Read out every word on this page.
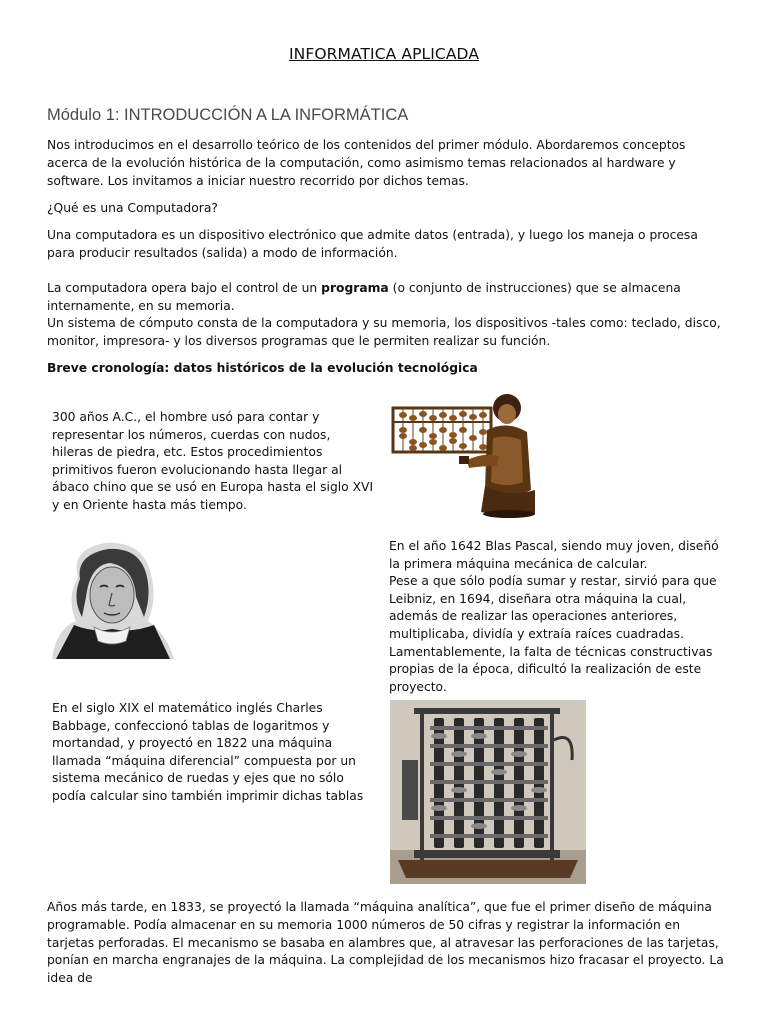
INFORMATICA APLICADA
Módulo 1: INTRODUCCIÓN A LA INFORMÁTICA
Nos introducimos en el desarrollo teórico de los contenidos del primer módulo. Abordaremos conceptos acerca de la evolución histórica de la computación, como asimismo temas relacionados al hardware y software. Los invitamos a iniciar nuestro recorrido por dichos temas.
¿Qué es una Computadora?
Una computadora es un dispositivo electrónico que admite datos (entrada), y luego los maneja o procesa para producir resultados (salida) a modo de información.
La computadora opera bajo el control de un programa (o conjunto de instrucciones) que se almacena internamente, en su memoria.
Un sistema de cómputo consta de la computadora y su memoria, los dispositivos -tales como: teclado, disco, monitor, impresora- y los diversos programas que le permiten realizar su función.
Breve cronología: datos históricos de la evolución tecnológica
300 años A.C., el hombre usó para contar y representar los números, cuerdas con nudos, hileras de piedra, etc. Estos procedimientos primitivos fueron evolucionando hasta llegar al ábaco chino que se usó en Europa hasta el siglo XVI y en Oriente hasta más tiempo.
En el año 1642 Blas Pascal, siendo muy joven, diseñó la primera máquina mecánica de calcular.
Pese a que sólo podía sumar y restar, sirvió para que Leibniz, en 1694, diseñara otra máquina la cual, además de realizar las operaciones anteriores, multiplicaba, dividía y extraía raíces cuadradas. Lamentablemente, la falta de técnicas constructivas propias de la época, dificultó la realización de este proyecto.
En el siglo XIX el matemático inglés Charles Babbage, confeccionó tablas de logaritmos y mortandad, y proyectó en 1822 una máquina llamada “máquina diferencial” compuesta por un sistema mecánico de ruedas y ejes que no sólo podía calcular sino también imprimir dichas tablas
Años más tarde, en 1833, se proyectó la llamada “máquina analítica”, que fue el primer diseño de máquina programable. Podía almacenar en su memoria 1000 números de 50 cifras y registrar la información en tarjetas perforadas. El mecanismo se basaba en alambres que, al atravesar las perforaciones de las tarjetas, ponían en marcha engranajes de la máquina. La complejidad de los mecanismos hizo fracasar el proyecto. La idea de
